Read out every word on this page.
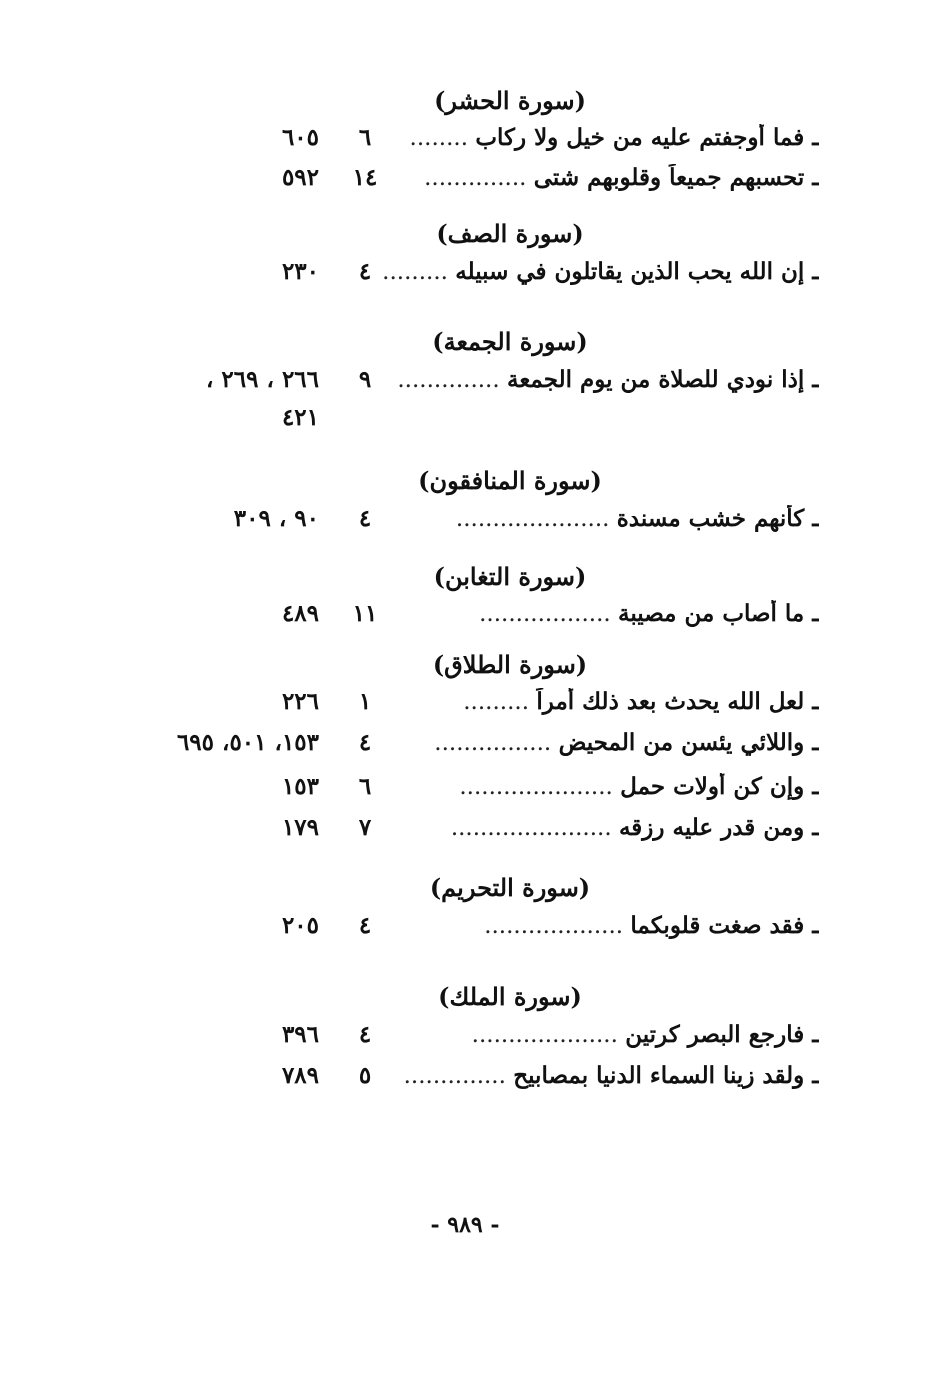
(سورة الحشر)
ـ فما أوجفتم عليه من خيل ولا ركاب ........
٦
٦٠٥
ـ تحسبهم جميعاً وقلوبهم شتى ..............
١٤
٥٩٢
(سورة الصف)
ـ إن الله يحب الذين يقاتلون في سبيله .........
٤
٢٣٠
(سورة الجمعة)
ـ إذا نودي للصلاة من يوم الجمعة ..............
٩
٢٦٦ ، ٢٦٩ ،
٤٢١
(سورة المنافقون)
ـ كأنهم خشب مسندة .....................
٤
٩٠ ، ٣٠٩
(سورة التغابن)
ـ ما أصاب من مصيبة ..................
١١
٤٨٩
(سورة الطلاق)
ـ لعل الله يحدث بعد ذلك أمراً .........
١
٢٢٦
ـ واللائي يئسن من المحيض ................
٤
١٥٣، ٥٠١، ٦٩٥
ـ وإن كن أولات حمل .....................
٦
١٥٣
ـ ومن قدر عليه رزقه ......................
٧
١٧٩
(سورة التحريم)
ـ فقد صغت قلوبكما ...................
٤
٢٠٥
(سورة الملك)
ـ فارجع البصر كرتين ....................
٤
٣٩٦
ـ ولقد زينا السماء الدنيا بمصابيح ..............
٥
٧٨٩
- ٩٨٩ -
